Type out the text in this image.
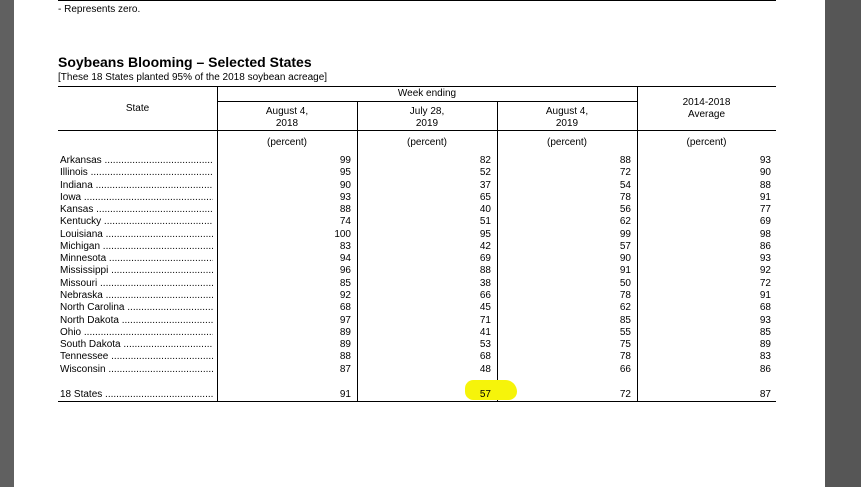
- Represents zero.
Soybeans Blooming – Selected States
[These 18 States planted 95% of the 2018 soybean acreage]
State
Week ending
August 4,
2018
July 28,
2019
August 4,
2019
2014-2018
Average
(percent)	(percent)	(percent)	(percent)
Arkansas .....	99	82	88	93
Illinois .....	95	52	72	90
Indiana .....	90	37	54	88
Iowa .....	93	65	78	91
Kansas .....	88	40	56	77
Kentucky .....	74	51	62	69
Louisiana .....	100	95	99	98
Michigan .....	83	42	57	86
Minnesota .....	94	69	90	93
Mississippi .....	96	88	91	92
Missouri .....	85	38	50	72
Nebraska .....	92	66	78	91
North Carolina .....	68	45	62	68
North Dakota .....	97	71	85	93
Ohio .....	89	41	55	85
South Dakota .....	89	53	75	89
Tennessee .....	88	68	78	83
Wisconsin .....	87	48	66	86
18 States .....	91	57	72	87
